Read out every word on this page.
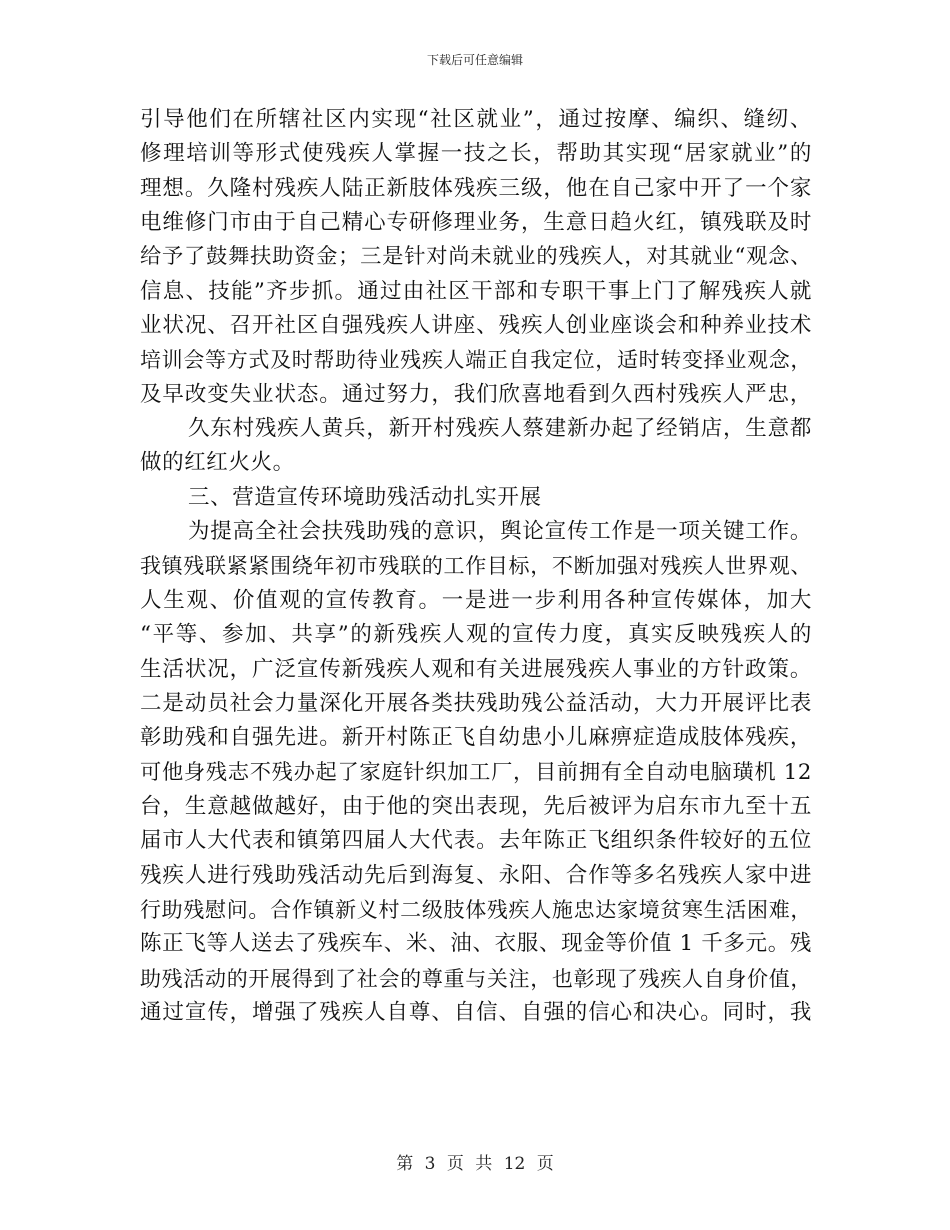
下载后可任意编辑
引导他们在所辖社区内实现“社区就业”，通过按摩、编织、缝纫、
修理培训等形式使残疾人掌握一技之长，帮助其实现“居家就业”的
理想。久隆村残疾人陆正新肢体残疾三级，他在自己家中开了一个家
电维修门市由于自己精心专研修理业务，生意日趋火红，镇残联及时
给予了鼓舞扶助资金；三是针对尚未就业的残疾人，对其就业“观念、
信息、技能”齐步抓。通过由社区干部和专职干事上门了解残疾人就
业状况、召开社区自强残疾人讲座、残疾人创业座谈会和种养业技术
培训会等方式及时帮助待业残疾人端正自我定位，适时转变择业观念，
及早改变失业状态。通过努力，我们欣喜地看到久西村残疾人严忠，
久东村残疾人黄兵，新开村残疾人蔡建新办起了经销店，生意都
做的红红火火。
三、营造宣传环境助残活动扎实开展
为提高全社会扶残助残的意识，舆论宣传工作是一项关键工作。
我镇残联紧紧围绕年初市残联的工作目标，不断加强对残疾人世界观、
人生观、价值观的宣传教育。一是进一步利用各种宣传媒体，加大
“平等、参加、共享”的新残疾人观的宣传力度，真实反映残疾人的
生活状况，广泛宣传新残疾人观和有关进展残疾人事业的方针政策。
二是动员社会力量深化开展各类扶残助残公益活动，大力开展评比表
彰助残和自强先进。新开村陈正飞自幼患小儿麻痹症造成肢体残疾，
可他身残志不残办起了家庭针织加工厂，目前拥有全自动电脑璜机 12
台，生意越做越好，由于他的突出表现，先后被评为启东市九至十五
届市人大代表和镇第四届人大代表。去年陈正飞组织条件较好的五位
残疾人进行残助残活动先后到海复、永阳、合作等多名残疾人家中进
行助残慰问。合作镇新义村二级肢体残疾人施忠达家境贫寒生活困难，
陈正飞等人送去了残疾车、米、油、衣服、现金等价值 1 千多元。残
助残活动的开展得到了社会的尊重与关注，也彰现了残疾人自身价值，
通过宣传，增强了残疾人自尊、自信、自强的信心和决心。同时，我
第 3 页 共 12 页
